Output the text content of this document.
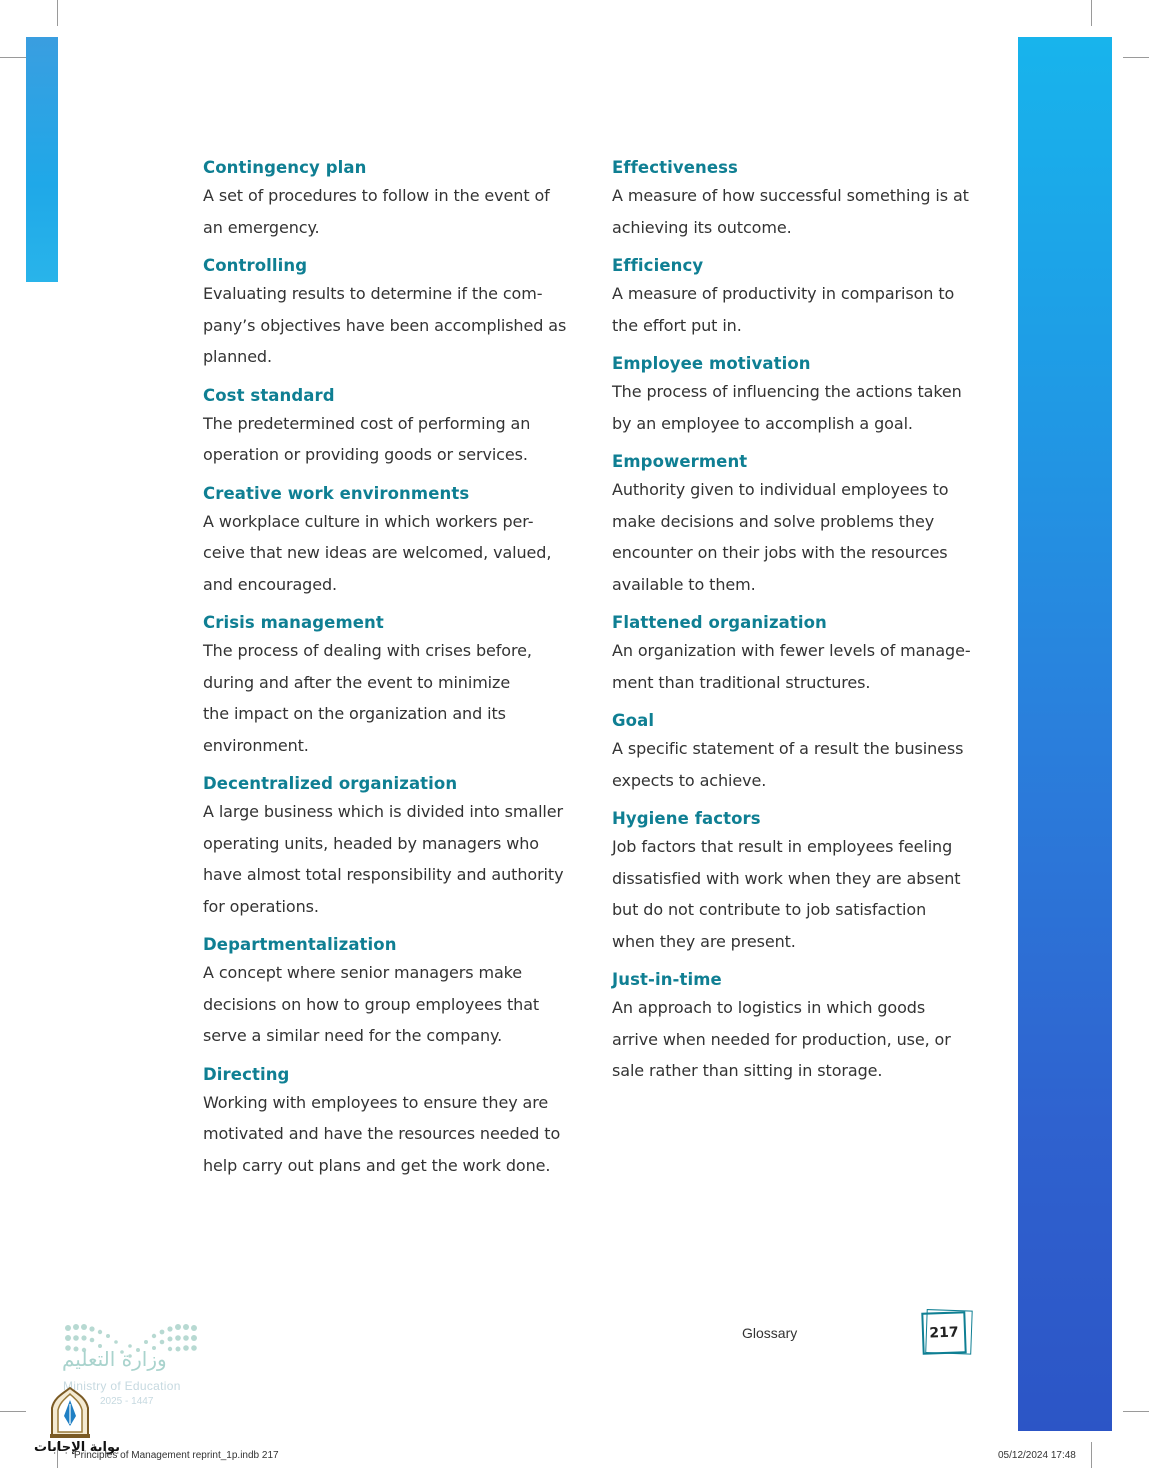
Contingency plan
A set of procedures to follow in the event of
an emergency.
Controlling
Evaluating results to determine if the com-
pany’s objectives have been accomplished as
planned.
Cost standard
The predetermined cost of performing an
operation or providing goods or services.
Creative work environments
A workplace culture in which workers per-
ceive that new ideas are welcomed, valued,
and encouraged.
Crisis management
The process of dealing with crises before,
during and after the event to minimize
the impact on the organization and its
environment.
Decentralized organization
A large business which is divided into smaller
operating units, headed by managers who
have almost total responsibility and authority
for operations.
Departmentalization
A concept where senior managers make
decisions on how to group employees that
serve a similar need for the company.
Directing
Working with employees to ensure they are
motivated and have the resources needed to
help carry out plans and get the work done.
Effectiveness
A measure of how successful something is at
achieving its outcome.
Efficiency
A measure of productivity in comparison to
the effort put in.
Employee motivation
The process of influencing the actions taken
by an employee to accomplish a goal.
Empowerment
Authority given to individual employees to
make decisions and solve problems they
encounter on their jobs with the resources
available to them.
Flattened organization
An organization with fewer levels of manage-
ment than traditional structures.
Goal
A specific statement of a result the business
expects to achieve.
Hygiene factors
Job factors that result in employees feeling
dissatisfied with work when they are absent
but do not contribute to job satisfaction
when they are present.
Just-in-time
An approach to logistics in which goods
arrive when needed for production, use, or
sale rather than sitting in storage.
Glossary	217
وزارة التعليم
Ministry of Education
2025 - 1447
بوابة الإجابات
Principles of Management reprint_1p.indb 217	05/12/2024 17:48
